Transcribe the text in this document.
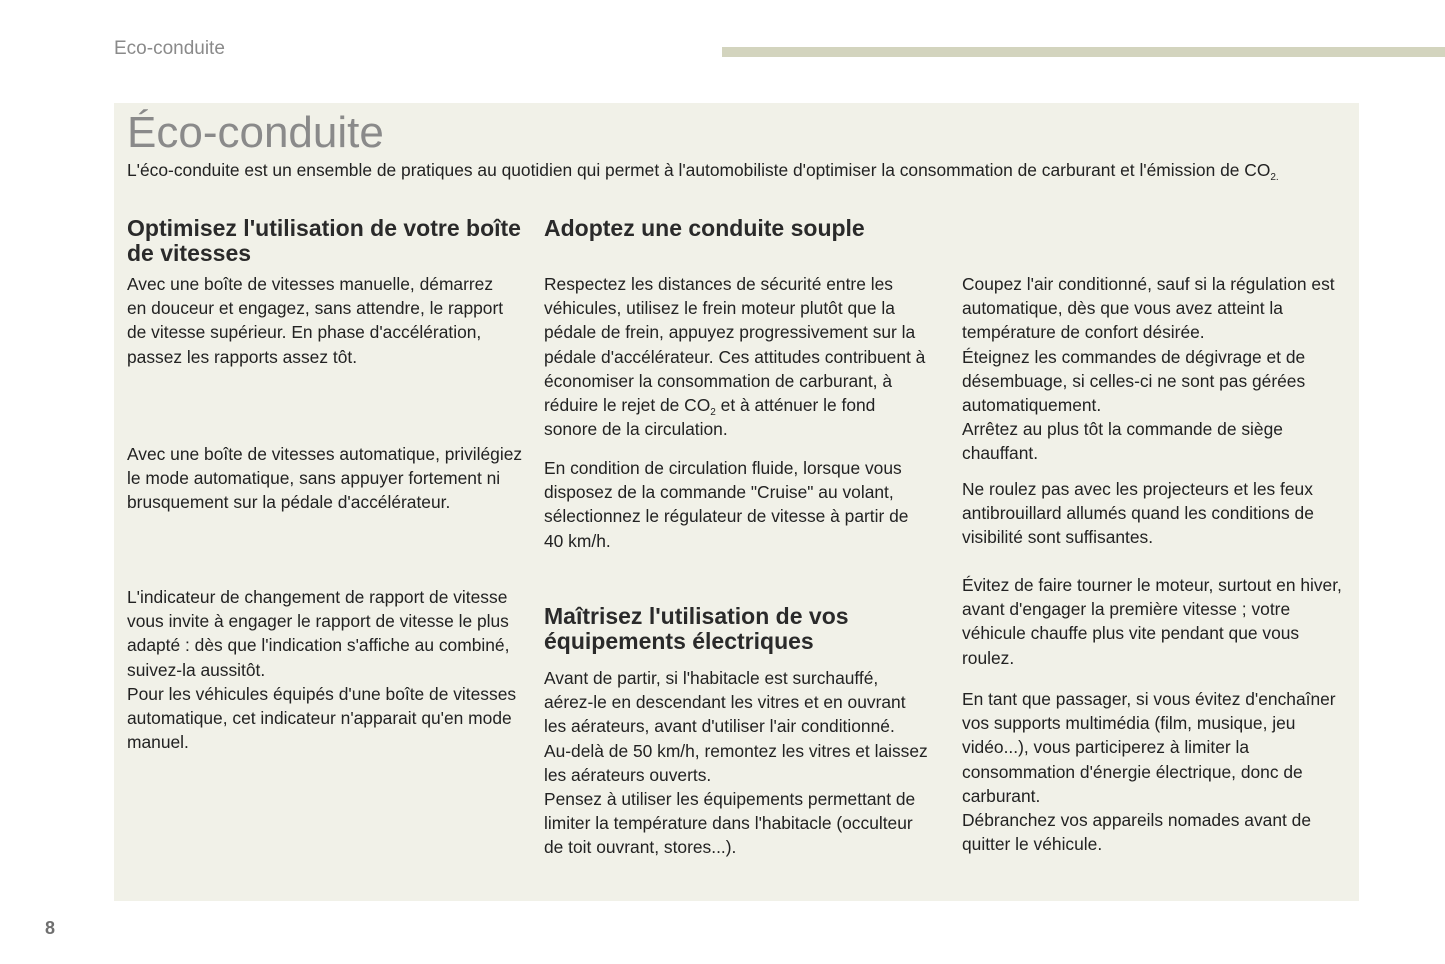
Eco-conduite
Éco-conduite
L'éco-conduite est un ensemble de pratiques au quotidien qui permet à l'automobiliste d'optimiser la consommation de carburant et l'émission de $CO_{2.}$
Optimisez l'utilisation de votre boîte de vitesses

Avec une boîte de vitesses manuelle, démarrez en douceur et engagez, sans attendre, le rapport de vitesse supérieur. En phase d'accélération, passez les rapports assez tôt.

Avec une boîte de vitesses automatique, privilégiez le mode automatique, sans appuyer fortement ni brusquement sur la pédale d'accélérateur.

L'indicateur de changement de rapport de vitesse vous invite à engager le rapport de vitesse le plus adapté : dès que l'indication s'affiche au combiné, suivez-la aussitôt.
Pour les véhicules équipés d'une boîte de vitesses automatique, cet indicateur n'apparait qu'en mode manuel.
Adoptez une conduite souple

Respectez les distances de sécurité entre les véhicules, utilisez le frein moteur plutôt que la pédale de frein, appuyez progressivement sur la pédale d'accélérateur. Ces attitudes contribuent à économiser la consommation de carburant, à réduire le rejet de $CO_2$ et à atténuer le fond sonore de la circulation.

En condition de circulation fluide, lorsque vous disposez de la commande "Cruise" au volant, sélectionnez le régulateur de vitesse à partir de 40 km/h.

Maîtrisez l'utilisation de vos équipements électriques
Avant de partir, si l'habitacle est surchauffé, aérez-le en descendant les vitres et en ouvrant les aérateurs, avant d'utiliser l'air conditionné.
Au-delà de 50 km/h, remontez les vitres et laissez les aérateurs ouverts.
Pensez à utiliser les équipements permettant de limiter la température dans l'habitacle (occulteur de toit ouvrant, stores...).
Coupez l'air conditionné, sauf si la régulation est automatique, dès que vous avez atteint la température de confort désirée.
Éteignez les commandes de dégivrage et de désembuage, si celles-ci ne sont pas gérées automatiquement.
Arrêtez au plus tôt la commande de siège chauffant.

Ne roulez pas avec les projecteurs et les feux antibrouillard allumés quand les conditions de visibilité sont suffisantes.

Évitez de faire tourner le moteur, surtout en hiver, avant d'engager la première vitesse ; votre véhicule chauffe plus vite pendant que vous roulez.

En tant que passager, si vous évitez d'enchaîner vos supports multimédia (film, musique, jeu vidéo...), vous participerez à limiter la consommation d'énergie électrique, donc de carburant.
Débranchez vos appareils nomades avant de quitter le véhicule.
8
